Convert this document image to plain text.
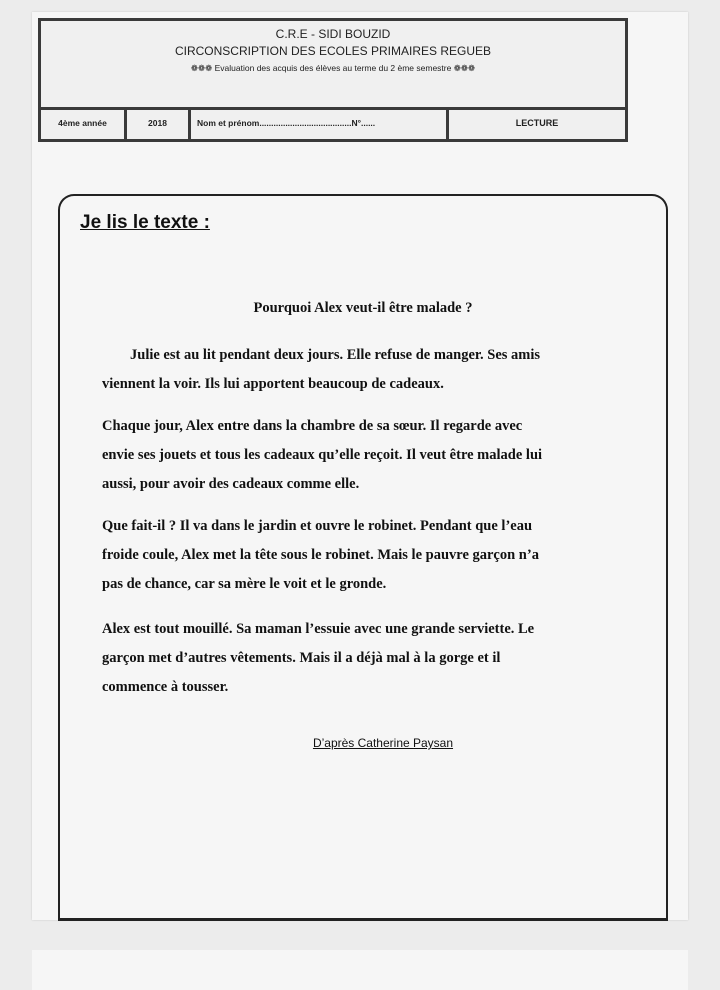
C.R.E - SIDI BOUZID
CIRCONSCRIPTION DES ECOLES PRIMAIRES REGUEB
❁❁❁ Evaluation des acquis des élèves au terme du 2 ème semestre ❁❁❁
4ème année	2018	Nom et prénom.......................................N°......	LECTURE
Je lis le texte :
Pourquoi Alex veut-il être malade ?
Julie est au lit pendant deux jours. Elle refuse de manger. Ses amis
viennent la voir. Ils lui apportent beaucoup de cadeaux.
Chaque jour, Alex entre dans la chambre de sa sœur. Il regarde avec
envie ses jouets et tous les cadeaux qu’elle reçoit. Il veut être malade lui
aussi, pour avoir des cadeaux comme elle.
Que fait-il ? Il va dans le jardin et ouvre le robinet. Pendant que l’eau
froide coule, Alex met la tête sous le robinet. Mais le pauvre garçon n’a
pas de chance, car sa mère le voit et le gronde.
Alex est tout mouillé. Sa maman l’essuie avec une grande serviette. Le
garçon met d’autres vêtements. Mais il a déjà mal à la gorge et il
commence à tousser.
D’après Catherine Paysan
